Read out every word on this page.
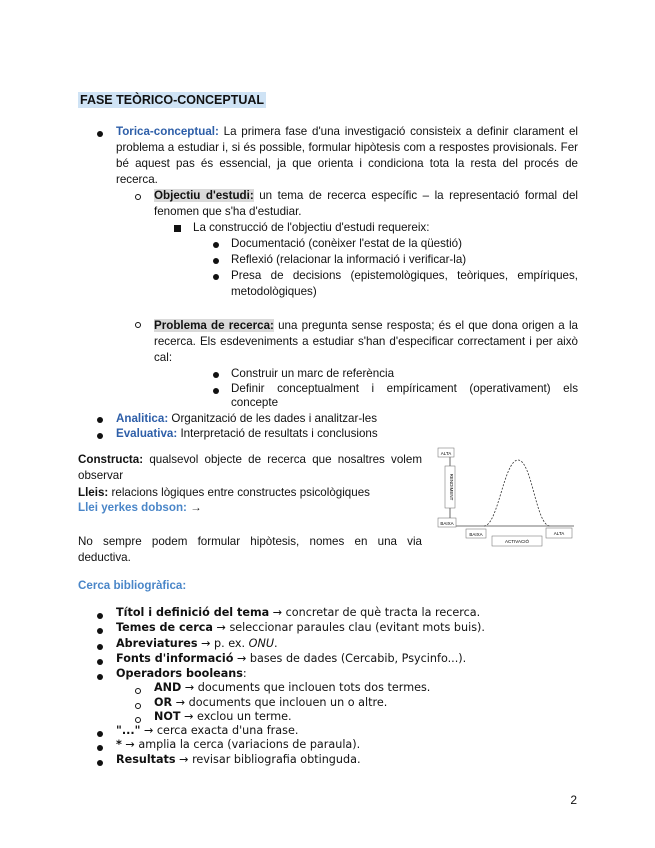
FASE TEÒRICO-CONCEPTUAL
Torica-conceptual: La primera fase d'una investigació consisteix a definir clarament el problema a estudiar i, si és possible, formular hipòtesis com a respostes provisionals. Fer bé aquest pas és essencial, ja que orienta i condiciona tota la resta del procés de recerca.
Objectiu d'estudi: un tema de recerca específic – la representació formal del fenomen que s'ha d'estudiar.
La construcció de l'objectiu d'estudi requereix:
Documentació (conèixer l'estat de la qüestió)
Reflexió (relacionar la informació i verificar-la)
Presa de decisions (epistemològiques, teòriques, empíriques, metodològiques)
Problema de recerca: una pregunta sense resposta; és el que dona origen a la recerca. Els esdeveniments a estudiar s'han d'especificar correctament i per això cal:
Construir un marc de referència
Definir conceptualment i empíricament (operativament) els concepte
Analitica: Organització de les dades i analitzar-les
Evaluativa: Interpretació de resultats i conclusions
Constructa: qualsevol objecte de recerca que nosaltres volem observar
Lleis: relacions lògiques entre constructes psicològiques
Llei yerkes dobson: →
No sempre podem formular hipòtesis, nomes en una via deductiva.
ALTA
RENDIMENT
BAIXA
BAIXA
ACTIVACIÓ
ALTA
Cerca bibliogràfica:
Títol i definició del tema → concretar de què tracta la recerca.
Temes de cerca → seleccionar paraules clau (evitant mots buis).
Abreviatures → p. ex. ONU.
Fonts d'informació → bases de dades (Cercabib, Psycinfo...).
Operadors booleans:
AND → documents que inclouen tots dos termes.
OR → documents que inclouen un o altre.
NOT → exclou un terme.
"..." → cerca exacta d'una frase.
* → amplia la cerca (variacions de paraula).
Resultats → revisar bibliografia obtinguda.
2
